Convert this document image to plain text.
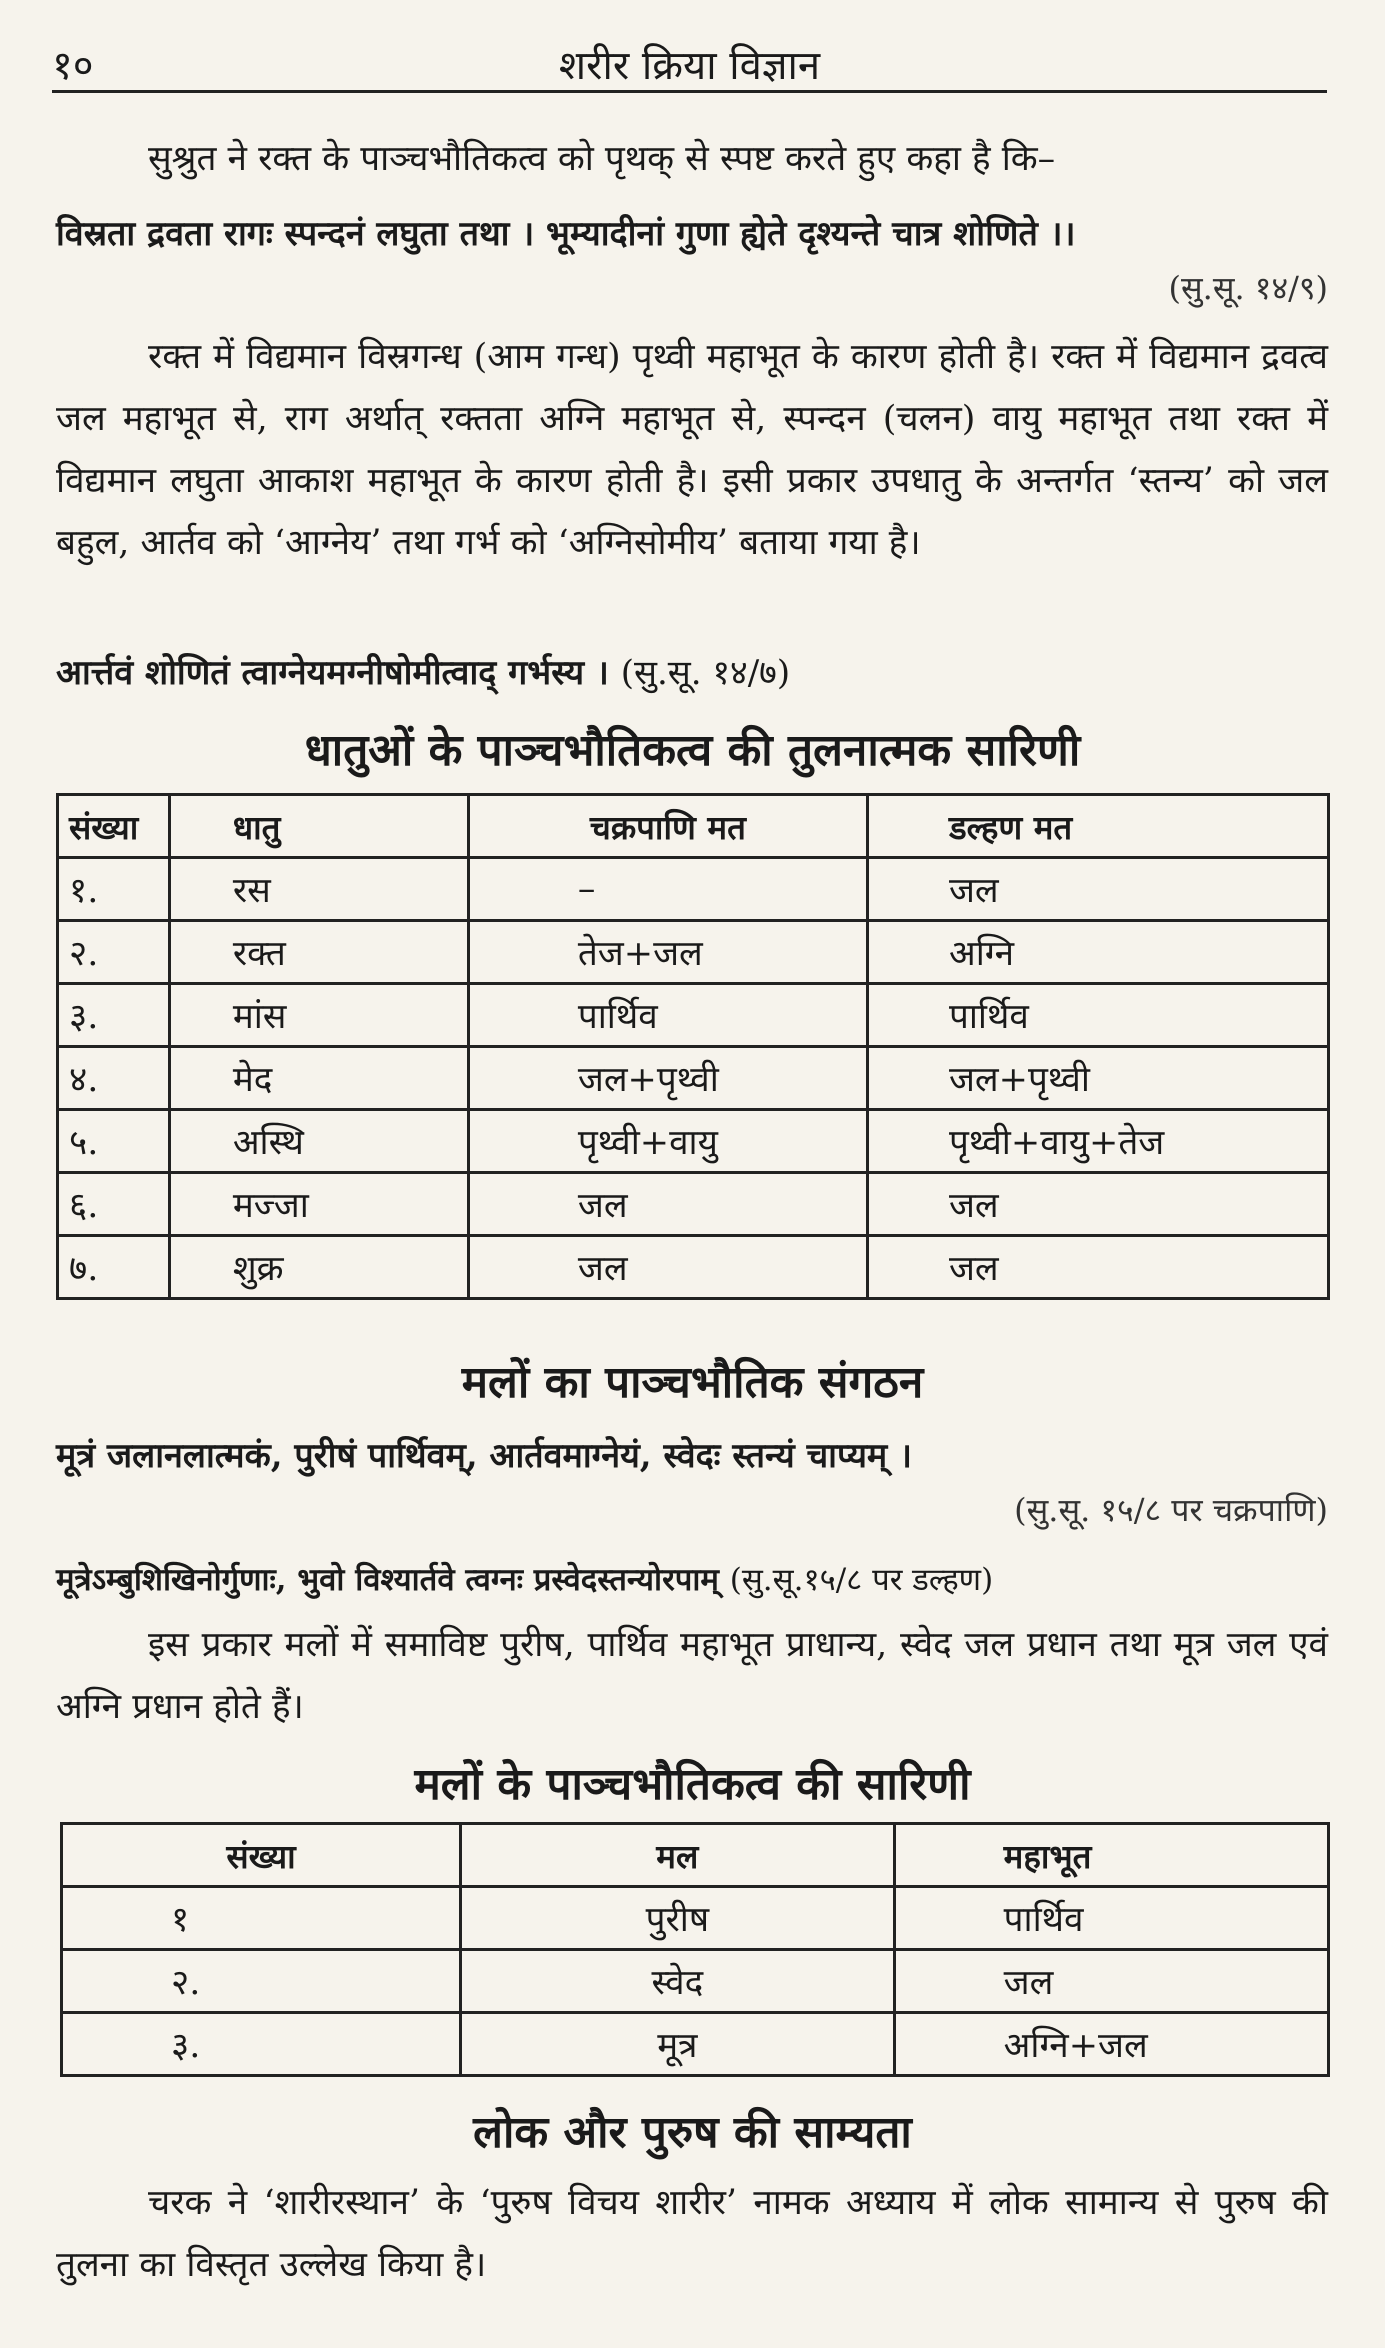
१०	शरीर क्रिया विज्ञान
सुश्रुत ने रक्त के पाञ्चभौतिकत्व को पृथक् से स्पष्ट करते हुए कहा है कि–
विस्रता द्रवता रागः स्पन्दनं लघुता तथा । भूम्यादीनां गुणा ह्येते दृश्यन्ते चात्र शोणिते ।।
(सु.सू. १४/९)
रक्त में विद्यमान विस्रगन्ध (आम गन्ध) पृथ्वी महाभूत के कारण होती है। रक्त में विद्यमान द्रवत्व जल महाभूत से, राग अर्थात् रक्तता अग्नि महाभूत से, स्पन्दन (चलन) वायु महाभूत तथा रक्त में विद्यमान लघुता आकाश महाभूत के कारण होती है। इसी प्रकार उपधातु के अन्तर्गत ‘स्तन्य’ को जल बहुल, आर्तव को ‘आग्नेय’ तथा गर्भ को ‘अग्निसोमीय’ बताया गया है।
आर्त्तवं शोणितं त्वाग्नेयमग्नीषोमीत्वाद् गर्भस्य । (सु.सू. १४/७)
धातुओं के पाञ्चभौतिकत्व की तुलनात्मक सारिणी
संख्या	धातु	चक्रपाणि मत	डल्हण मत
१.	रस	–	जल
२.	रक्त	तेज+जल	अग्नि
३.	मांस	पार्थिव	पार्थिव
४.	मेद	जल+पृथ्वी	जल+पृथ्वी
५.	अस्थि	पृथ्वी+वायु	पृथ्वी+वायु+तेज
६.	मज्जा	जल	जल
७.	शुक्र	जल	जल
मलों का पाञ्चभौतिक संगठन
मूत्रं जलानलात्मकं, पुरीषं पार्थिवम्, आर्तवमाग्नेयं, स्वेदः स्तन्यं चाप्यम् ।
(सु.सू. १५/८ पर चक्रपाणि)
मूत्रेऽम्बुशिखिनोर्गुणाः, भुवो विश्यार्तवे त्वग्नः प्रस्वेदस्तन्योरपाम् (सु.सू.१५/८ पर डल्हण)
इस प्रकार मलों में समाविष्ट पुरीष, पार्थिव महाभूत प्राधान्य, स्वेद जल प्रधान तथा मूत्र जल एवं अग्नि प्रधान होते हैं।
मलों के पाञ्चभौतिकत्व की सारिणी
संख्या	मल	महाभूत
१	पुरीष	पार्थिव
२.	स्वेद	जल
३.	मूत्र	अग्नि+जल
लोक और पुरुष की साम्यता
चरक ने ‘शारीरस्थान’ के ‘पुरुष विचय शारीर’ नामक अध्याय में लोक सामान्य से पुरुष की तुलना का विस्तृत उल्लेख किया है।
